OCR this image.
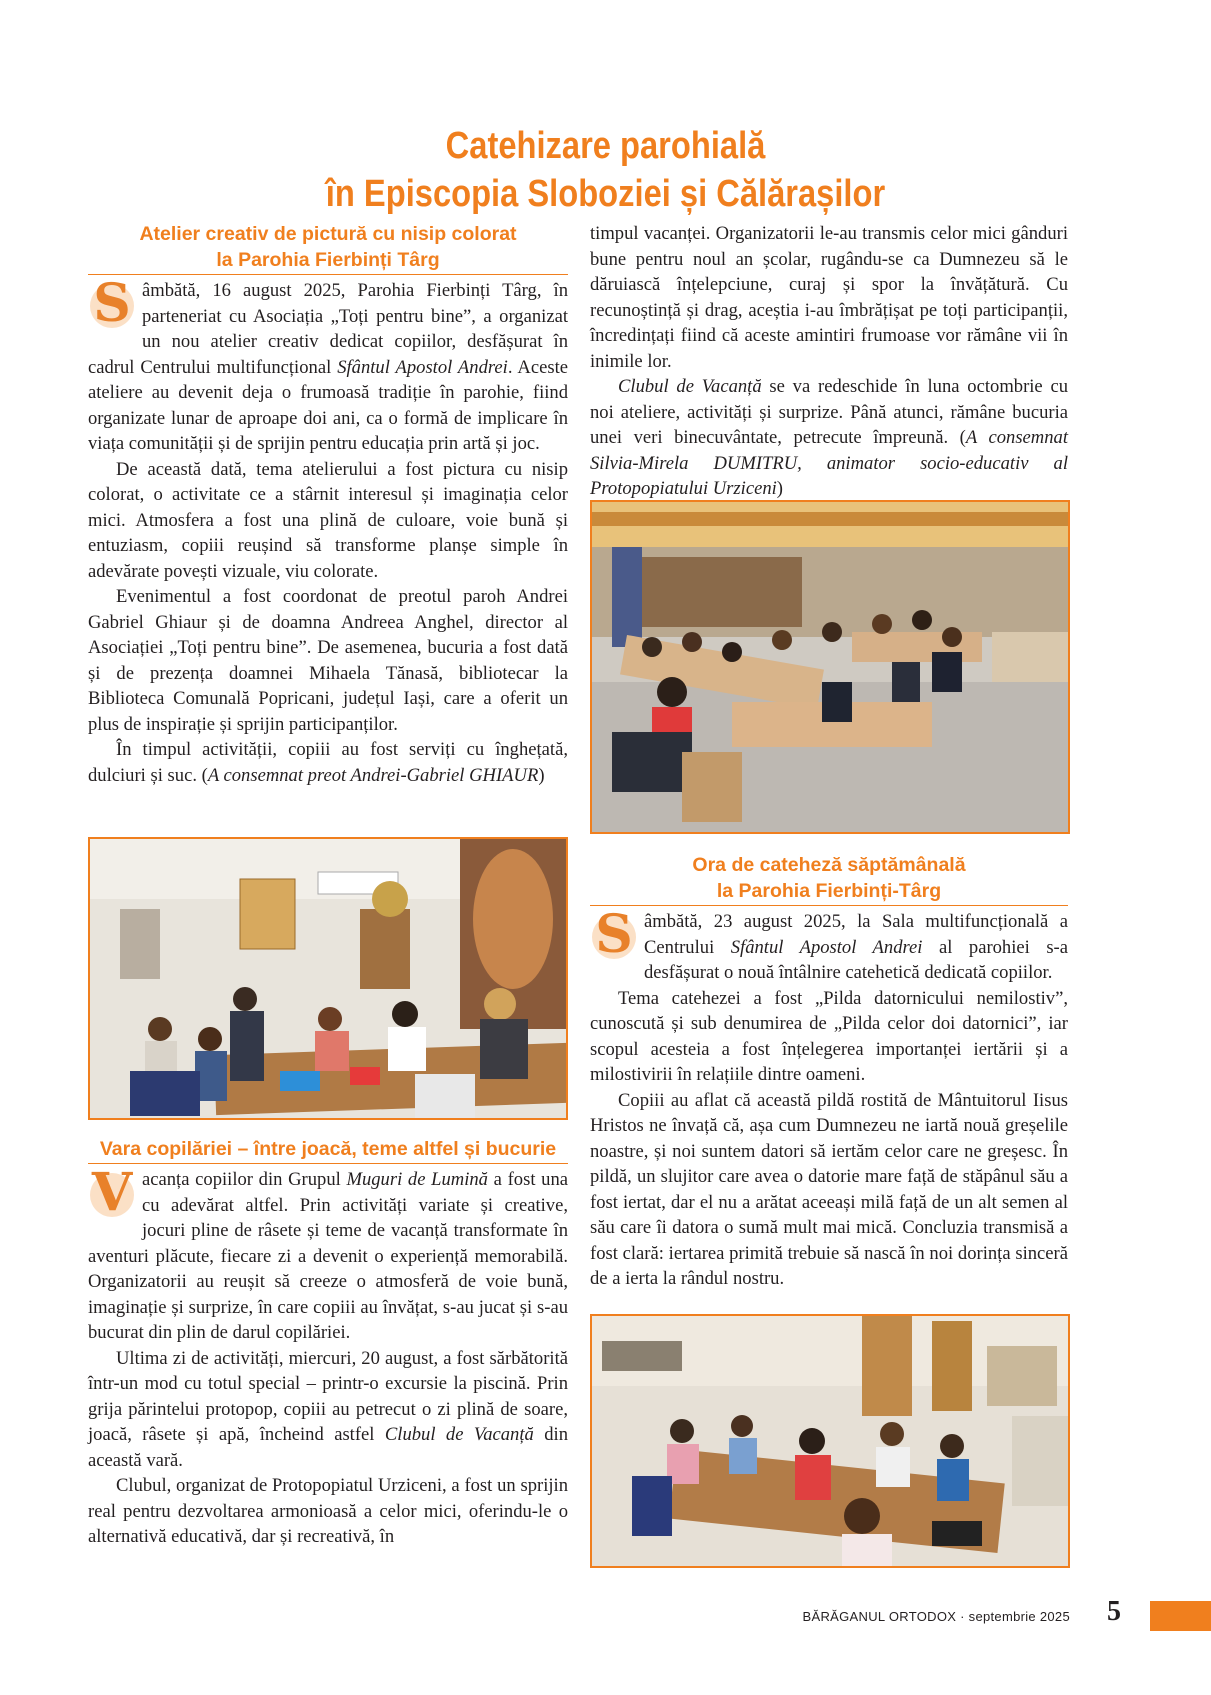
Catehizare parohială
în Episcopia Sloboziei și Călărașilor
Atelier creativ de pictură cu nisip colorat
la Parohia Fierbinți Târg

S âmbătă, 16 august 2025, Parohia Fierbinți Târg, în parteneriat cu Asociația „Toți pentru bine”, a organizat un nou atelier creativ dedicat copiilor, desfășurat în cadrul Centrului multifuncțional Sfântul Apostol Andrei. Aceste ateliere au devenit deja o frumoasă tradiție în parohie, fiind organizate lunar de aproape doi ani, ca o formă de implicare în viața comunității și de sprijin pentru educația prin artă și joc.

De această dată, tema atelierului a fost pictura cu nisip colorat, o activitate ce a stârnit interesul și imaginația celor mici. Atmosfera a fost una plină de culoare, voie bună și entuziasm, copiii reușind să transforme planșe simple în adevărate povești vizuale, viu colorate.

Evenimentul a fost coordonat de preotul paroh Andrei Gabriel Ghiaur și de doamna Andreea Anghel, director al Asociației „Toți pentru bine”. De asemenea, bucuria a fost dată și de prezența doamnei Mihaela Tănasă, bibliotecar la Biblioteca Comunală Popricani, județul Iași, care a oferit un plus de inspirație și sprijin participanților.

În timpul activității, copiii au fost serviți cu înghețată, dulciuri și suc. (A consemnat preot Andrei-Gabriel GHIAUR)

Vara copilăriei – între joacă, teme altfel și bucurie

V acanța copiilor din Grupul Muguri de Lumină a fost una cu adevărat altfel. Prin activități variate și creative, jocuri pline de râsete și teme de vacanță transformate în aventuri plăcute, fiecare zi a devenit o experiență memorabilă. Organizatorii au reușit să creeze o atmosferă de voie bună, imaginație și surprize, în care copiii au învățat, s-au jucat și s-au bucurat din plin de darul copilăriei.

Ultima zi de activități, miercuri, 20 august, a fost sărbătorită într-un mod cu totul special – printr-o excursie la piscină. Prin grija părintelui protopop, copiii au petrecut o zi plină de soare, joacă, râsete și apă, încheind astfel Clubul de Vacanță din această vară.

Clubul, organizat de Protopopiatul Urziceni, a fost un sprijin real pentru dezvoltarea armonioasă a celor mici, oferindu-le o alternativă educativă, dar și recreativă, în

timpul vacanței. Organizatorii le-au transmis celor mici gânduri bune pentru noul an școlar, rugându-se ca Dumnezeu să le dăruiască înțelepciune, curaj și spor la învățătură. Cu recunoștință și drag, aceștia i-au îmbrățișat pe toți participanții, încredințați fiind că aceste amintiri frumoase vor rămâne vii în inimile lor.

Clubul de Vacanță se va redeschide în luna octombrie cu noi ateliere, activități și surprize. Până atunci, rămâne bucuria unei veri binecuvântate, petrecute împreună. (A consemnat Silvia-Mirela DUMITRU, animator socio-educativ al Protopopiatului Urziceni)

Ora de cateheză săptămânală
la Parohia Fierbinți-Târg

S âmbătă, 23 august 2025, la Sala multifuncțională a Centrului Sfântul Apostol Andrei al parohiei s-a desfășurat o nouă întâlnire catehetică dedicată copiilor.

Tema catehezei a fost „Pilda datornicului nemilostiv”, cunoscută și sub denumirea de „Pilda celor doi datornici”, iar scopul acesteia a fost înțelegerea importanței iertării și a milostivirii în relațiile dintre oameni.

Copiii au aflat că această pildă rostită de Mântuitorul Iisus Hristos ne învață că, așa cum Dumnezeu ne iartă nouă greșelile noastre, și noi suntem datori să iertăm celor care ne greșesc. În pildă, un slujitor care avea o datorie mare față de stăpânul său a fost iertat, dar el nu a arătat aceeași milă față de un alt semen al său care îi datora o sumă mult mai mică. Concluzia transmisă a fost clară: iertarea primită trebuie să nască în noi dorința sinceră de a ierta la rândul nostru.

BĂRĂGANUL ORTODOX · septembrie 2025 5
